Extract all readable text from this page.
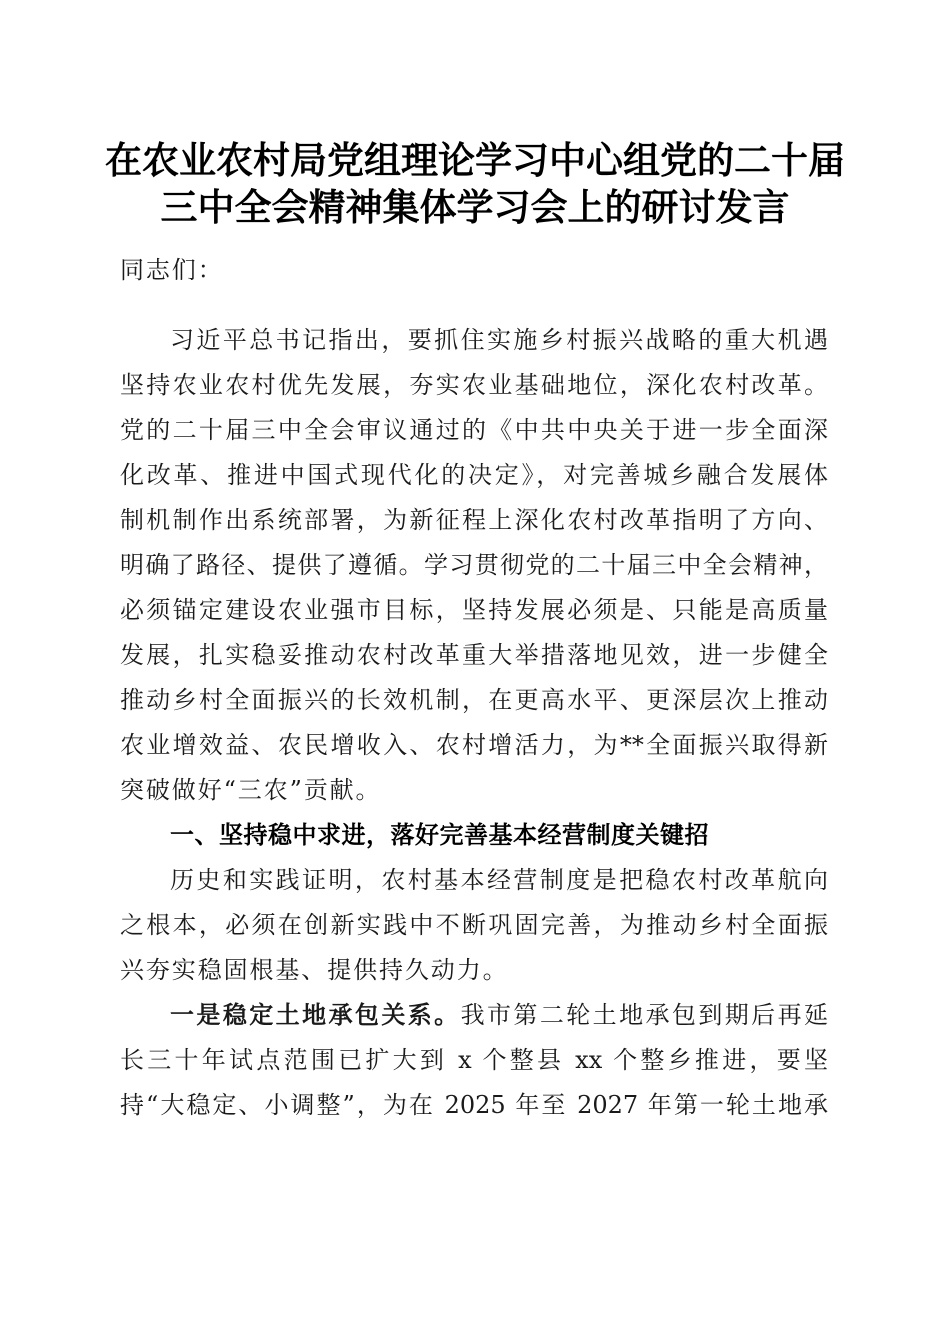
在农业农村局党组理论学习中心组党的二十届
三中全会精神集体学习会上的研讨发言

同志们：

习近平总书记指出，要抓住实施乡村振兴战略的重大机遇

坚持农业农村优先发展，夯实农业基础地位，深化农村改革。

党的二十届三中全会审议通过的《中共中央关于进一步全面深

化改革、推进中国式现代化的决定》，对完善城乡融合发展体

制机制作出系统部署，为新征程上深化农村改革指明了方向、

明确了路径、提供了遵循。学习贯彻党的二十届三中全会精神，

必须锚定建设农业强市目标，坚持发展必须是、只能是高质量

发展，扎实稳妥推动农村改革重大举措落地见效，进一步健全

推动乡村全面振兴的长效机制，在更高水平、更深层次上推动

农业增效益、农民增收入、农村增活力，为**全面振兴取得新

突破做好“三农”贡献。

一、坚持稳中求进，落好完善基本经营制度关键招

历史和实践证明，农村基本经营制度是把稳农村改革航向

之根本，必须在创新实践中不断巩固完善，为推动乡村全面振

兴夯实稳固根基、提供持久动力。

一是稳定土地承包关系。我市第二轮土地承包到期后再延

长三十年试点范围已扩大到 x 个整县 xx 个整乡推进，要坚

持“大稳定、小调整”，为在 2025 年至 2027 年第一轮土地承
